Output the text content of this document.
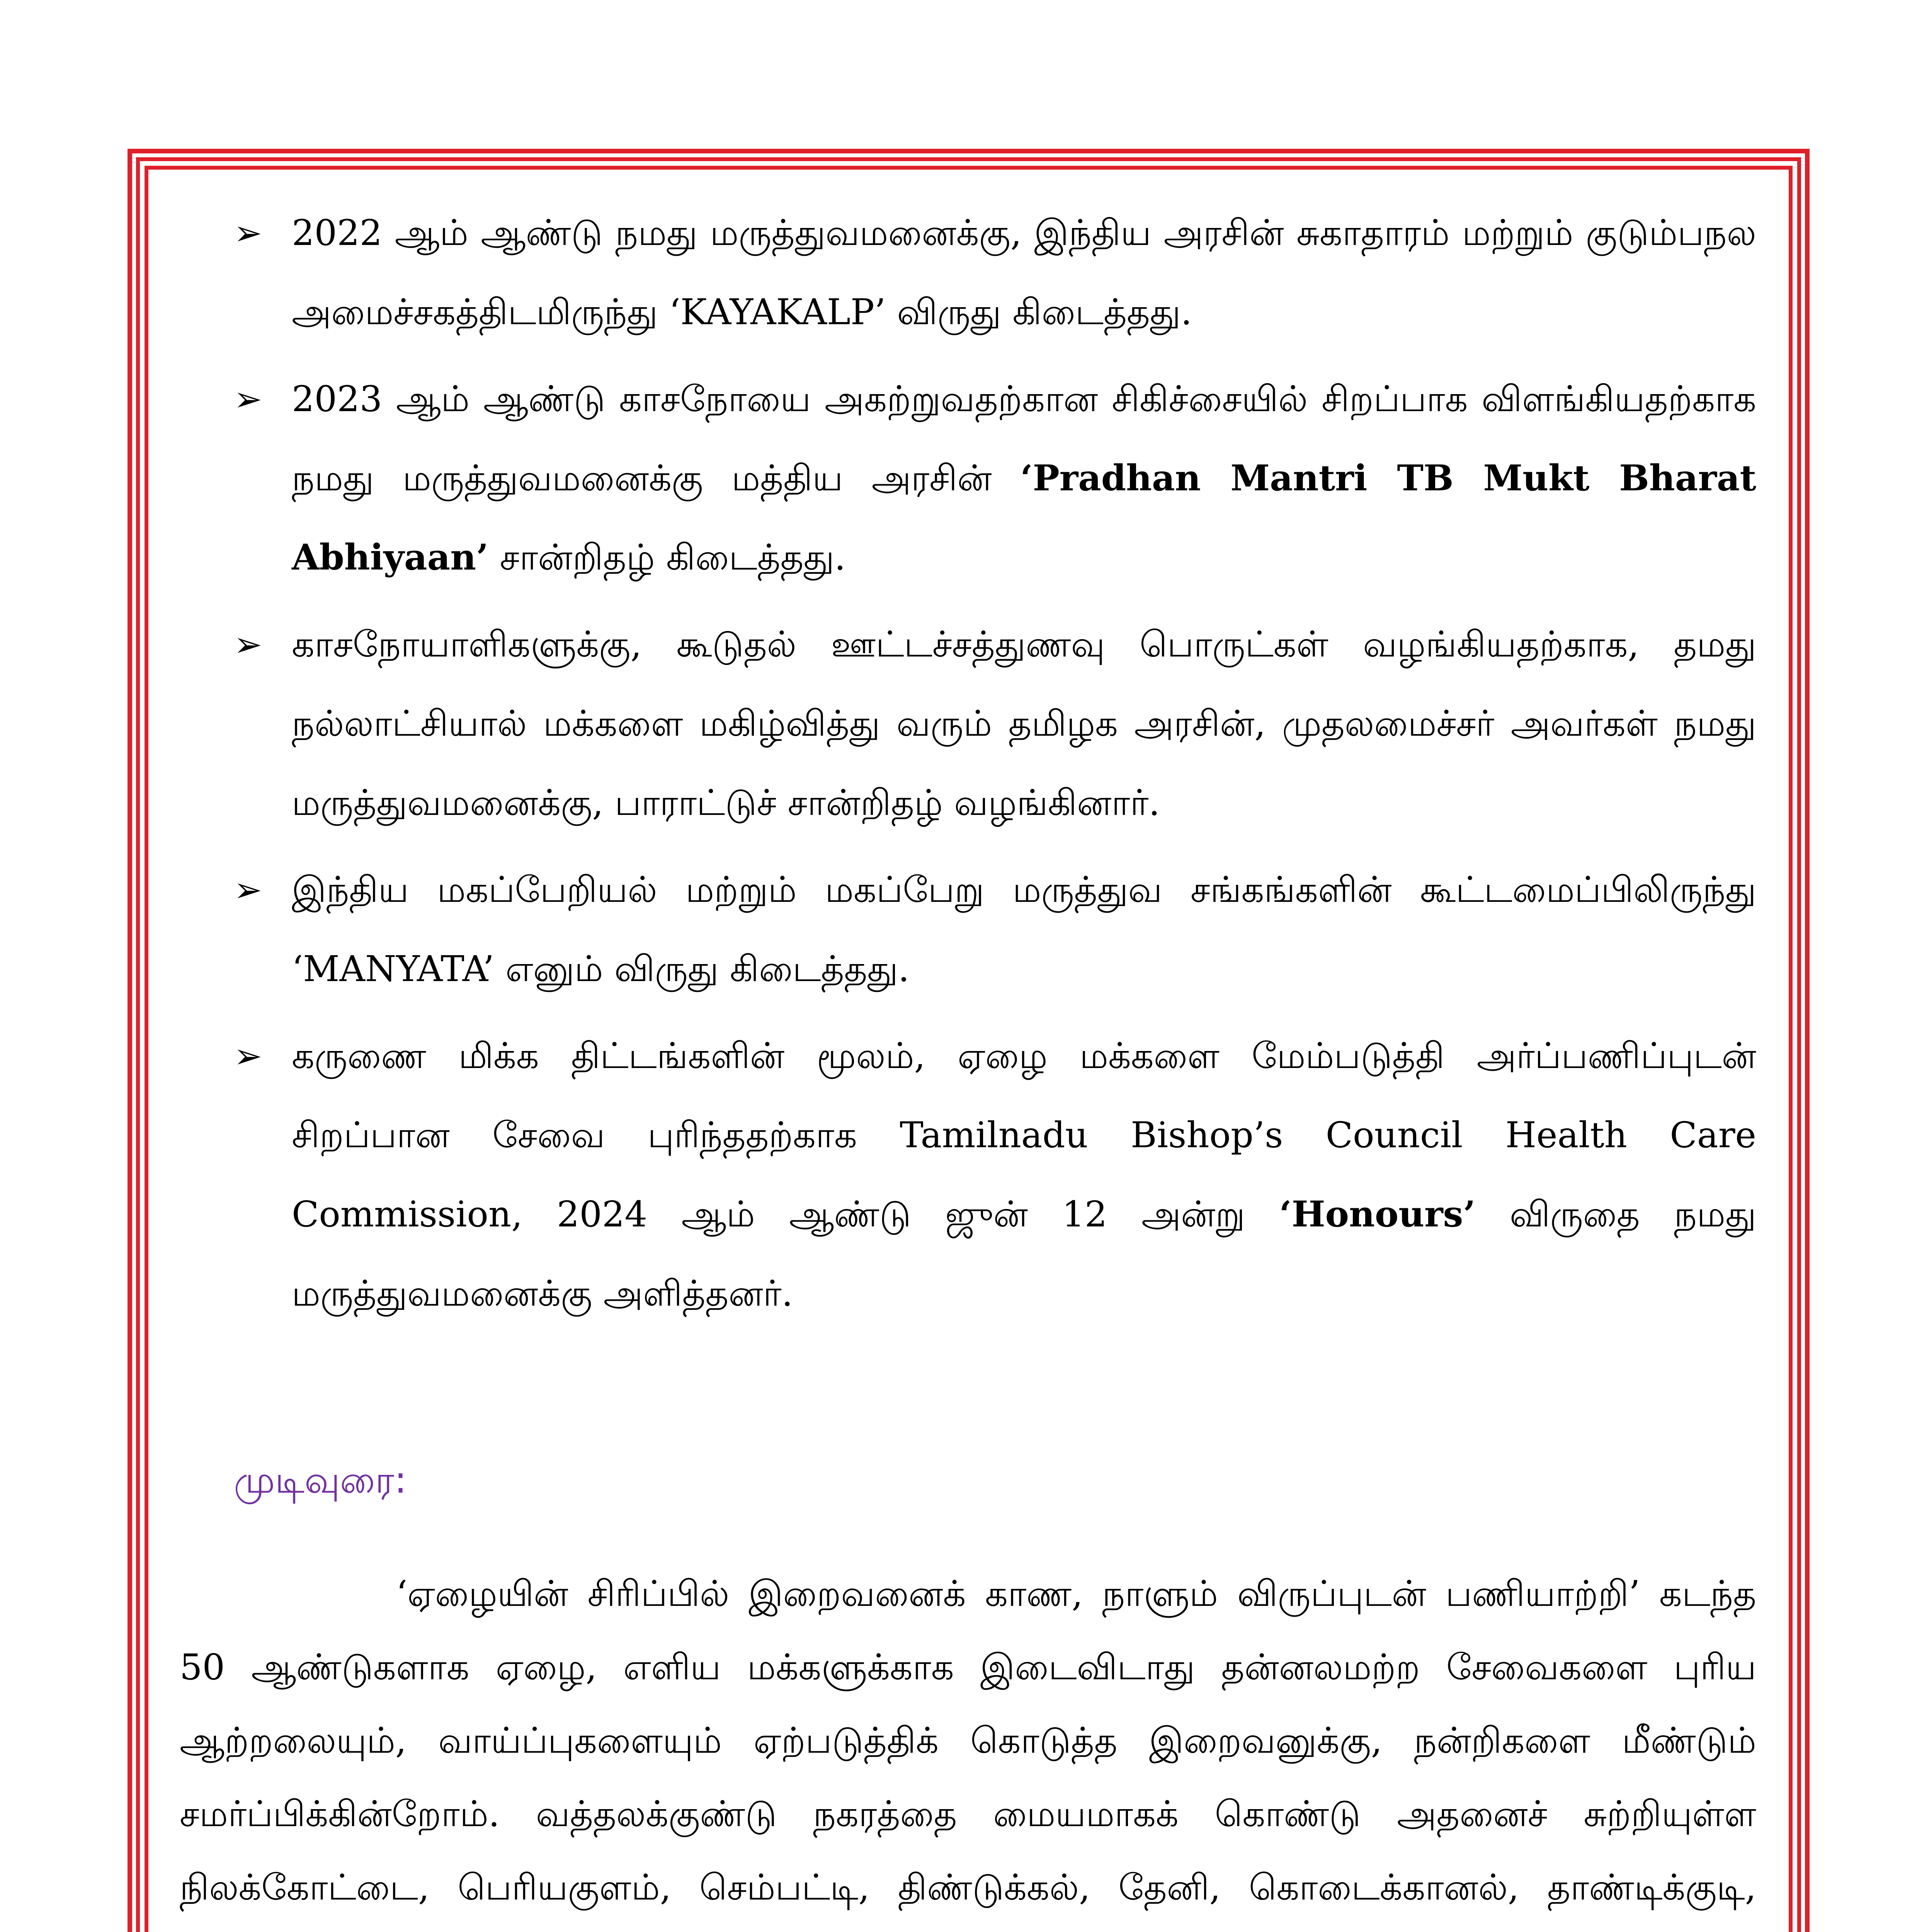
➢ 2022 ஆம் ஆண்டு நமது மருத்துவமனைக்கு, இந்திய அரசின் சுகாதாரம் மற்றும் குடும்பநல அமைச்சகத்திடமிருந்து ‘KAYAKALP’ விருது கிடைத்தது.
➢ 2023 ஆம் ஆண்டு காசநோயை அகற்றுவதற்கான சிகிச்சையில் சிறப்பாக விளங்கியதற்காக நமது மருத்துவமனைக்கு மத்திய அரசின் ‘Pradhan Mantri TB Mukt Bharat Abhiyaan’ சான்றிதழ் கிடைத்தது.
➢ காசநோயாளிகளுக்கு, கூடுதல் ஊட்டச்சத்துணவு பொருட்கள் வழங்கியதற்காக, தமது நல்லாட்சியால் மக்களை மகிழ்வித்து வரும் தமிழக அரசின், முதலமைச்சர் அவர்கள் நமது மருத்துவமனைக்கு, பாராட்டுச் சான்றிதழ் வழங்கினார்.
➢ இந்திய மகப்பேறியல் மற்றும் மகப்பேறு மருத்துவ சங்கங்களின் கூட்டமைப்பிலிருந்து ‘MANYATA’ எனும் விருது கிடைத்தது.
➢ கருணை மிக்க திட்டங்களின் மூலம், ஏழை மக்களை மேம்படுத்தி அர்ப்பணிப்புடன் சிறப்பான சேவை புரிந்ததற்காக Tamilnadu Bishop’s Council Health Care Commission, 2024 ஆம் ஆண்டு ஜுன் 12 அன்று ‘Honours’ விருதை நமது மருத்துவமனைக்கு அளித்தனர்.
முடிவுரை:

‘ஏழையின் சிரிப்பில் இறைவனைக் காண, நாளும் விருப்புடன் பணியாற்றி’ கடந்த 50 ஆண்டுகளாக ஏழை, எளிய மக்களுக்காக இடைவிடாது தன்னலமற்ற சேவைகளை புரிய ஆற்றலையும், வாய்ப்புகளையும் ஏற்படுத்திக் கொடுத்த இறைவனுக்கு, நன்றிகளை மீண்டும் சமர்ப்பிக்கின்றோம். வத்தலக்குண்டு நகரத்தை மையமாகக் கொண்டு அதனைச் சுற்றியுள்ள நிலக்கோட்டை, பெரியகுளம், செம்பட்டி, திண்டுக்கல், தேனி, கொடைக்கானல், தாண்டிக்குடி,
